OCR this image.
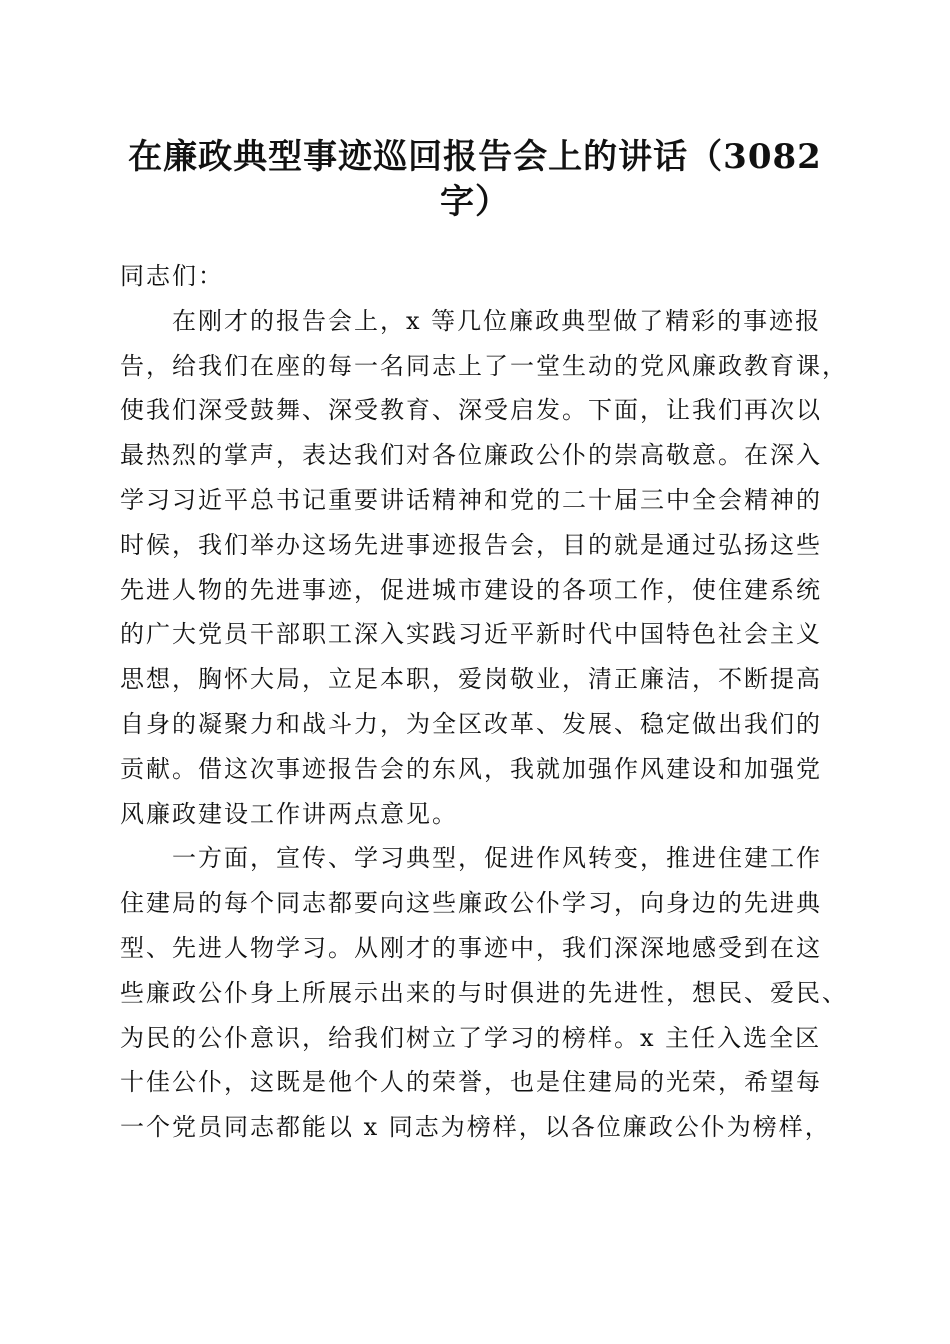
在廉政典型事迹巡回报告会上的讲话（3082
字）
同志们：
在刚才的报告会上，x 等几位廉政典型做了精彩的事迹报
告，给我们在座的每一名同志上了一堂生动的党风廉政教育课，
使我们深受鼓舞、深受教育、深受启发。下面，让我们再次以
最热烈的掌声，表达我们对各位廉政公仆的崇高敬意。在深入
学习习近平总书记重要讲话精神和党的二十届三中全会精神的
时候，我们举办这场先进事迹报告会，目的就是通过弘扬这些
先进人物的先进事迹，促进城市建设的各项工作，使住建系统
的广大党员干部职工深入实践习近平新时代中国特色社会主义
思想，胸怀大局，立足本职，爱岗敬业，清正廉洁，不断提高
自身的凝聚力和战斗力，为全区改革、发展、稳定做出我们的
贡献。借这次事迹报告会的东风，我就加强作风建设和加强党
风廉政建设工作讲两点意见。
一方面，宣传、学习典型，促进作风转变，推进住建工作
住建局的每个同志都要向这些廉政公仆学习，向身边的先进典
型、先进人物学习。从刚才的事迹中，我们深深地感受到在这
些廉政公仆身上所展示出来的与时俱进的先进性，想民、爱民、
为民的公仆意识，给我们树立了学习的榜样。x 主任入选全区
十佳公仆，这既是他个人的荣誉，也是住建局的光荣，希望每
一个党员同志都能以 x 同志为榜样，以各位廉政公仆为榜样，
